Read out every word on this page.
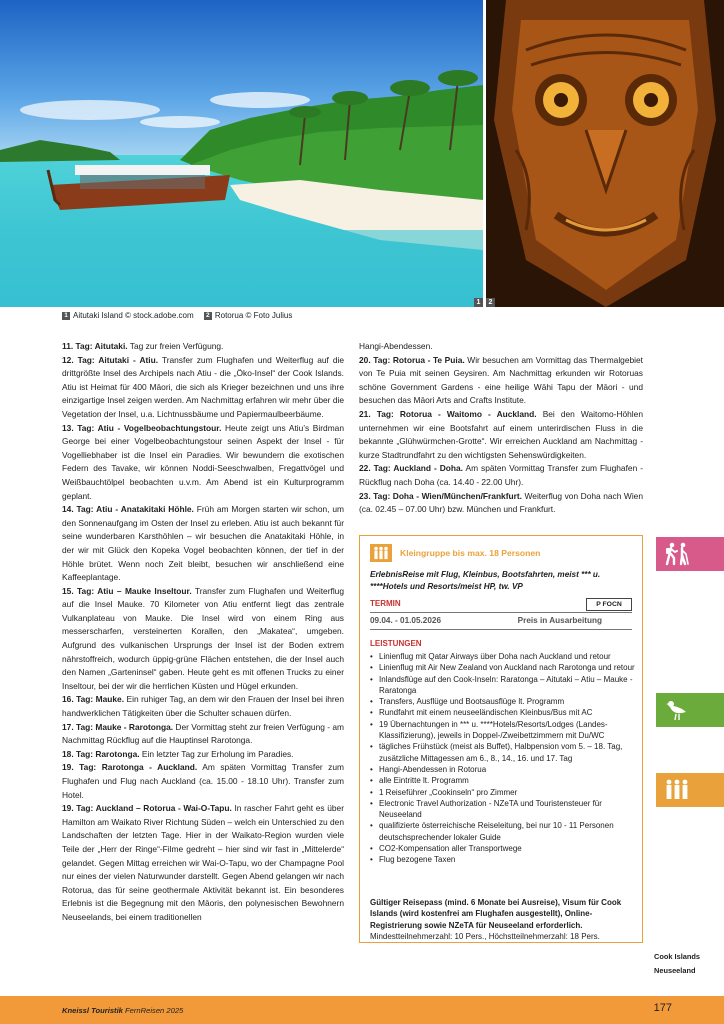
1	2
1 Aitutaki Island © stock.adobe.com 2 Rotorua © Foto Julius

11. Tag: Aitutaki. Tag zur freien Verfügung.

12. Tag: Aitutaki - Atiu. Transfer zum Flughafen und Weiterflug auf die drittgrößte Insel des Archipels nach Atiu - die „Öko-Insel“ der Cook Islands. Atiu ist Heimat für 400 Māori, die sich als Krieger bezeichnen und uns ihre einzigartige Insel zeigen werden. Am Nachmittag erfahren wir mehr über die Vegetation der Insel, u.a. Lichtnussbäume und Papiermaulbeerbäume.

13. Tag: Atiu - Vogelbeobachtungstour. Heute zeigt uns Atiu’s Birdman George bei einer Vogelbeobachtungstour seinen Aspekt der Insel - für Vogelliebhaber ist die Insel ein Paradies. Wir bewundern die exotischen Federn des Tavake, wir können Noddi-Seeschwalben, Fregattvögel und Weißbauchtölpel beobachten u.v.m. Am Abend ist ein Kulturprogramm geplant.

14. Tag: Atiu - Anatakitaki Höhle. Früh am Morgen starten wir schon, um den Sonnenaufgang im Osten der Insel zu erleben. Atiu ist auch bekannt für seine wunderbaren Karsthöhlen – wir besuchen die Anatakitaki Höhle, in der wir mit Glück den Kopeka Vogel beobachten können, der tief in der Höhle brütet. Wenn noch Zeit bleibt, besuchen wir anschließend eine Kaffeeplantage.

15. Tag: Atiu – Mauke Inseltour. Transfer zum Flughafen und Weiterflug auf die Insel Mauke. 70 Kilometer von Atiu entfernt liegt das zentrale Vulkanplateau von Mauke. Die Insel wird von einem Ring aus messerscharfen, versteinerten Korallen, den „Makatea“, umgeben. Aufgrund des vulkanischen Ursprungs der Insel ist der Boden extrem nährstoffreich, wodurch üppig-grüne Flächen entstehen, die der Insel auch den Namen „Garteninsel“ gaben. Heute geht es mit offenen Trucks zu einer Inseltour, bei der wir die herrlichen Küsten und Hügel erkunden.

16. Tag: Mauke. Ein ruhiger Tag, an dem wir den Frauen der Insel bei ihren handwerklichen Tätigkeiten über die Schulter schauen dürfen.

17. Tag: Mauke - Rarotonga. Der Vormittag steht zur freien Verfügung - am Nachmittag Rückflug auf die Hauptinsel Rarotonga.

18. Tag: Rarotonga. Ein letzter Tag zur Erholung im Paradies.

19. Tag: Rarotonga - Auckland. Am späten Vormittag Transfer zum Flughafen und Flug nach Auckland (ca. 15.00 - 18.10 Uhr). Transfer zum Hotel.

19. Tag: Auckland – Rotorua - Wai-O-Tapu. In rascher Fahrt geht es über Hamilton am Waikato River Richtung Süden – welch ein Unterschied zu den Landschaften der letzten Tage. Hier in der Waikato-Region wurden viele Teile der „Herr der Ringe“-Filme gedreht – hier sind wir fast in „Mittelerde“ gelandet. Gegen Mittag erreichen wir Wai-O-Tapu, wo der Champagne Pool nur eines der vielen Naturwunder darstellt. Gegen Abend gelangen wir nach Rotorua, das für seine geothermale Aktivität bekannt ist. Ein besonderes Erlebnis ist die Begegnung mit den Māoris, den polynesischen Bewohnern Neuseelands, bei einem traditionellen

Hangi-Abendessen.

20. Tag: Rotorua - Te Puia. Wir besuchen am Vormittag das Thermalgebiet von Te Puia mit seinen Geysiren. Am Nachmittag erkunden wir Rotoruas schöne Government Gardens - eine heilige Wāhi Tapu der Māori - und besuchen das Māori Arts and Crafts Institute.

21. Tag: Rotorua - Waitomo - Auckland. Bei den Waitomo-Höhlen unternehmen wir eine Bootsfahrt auf einem unterirdischen Fluss in die bekannte „Glühwürmchen-Grotte“. Wir erreichen Auckland am Nachmittag - kurze Stadtrundfahrt zu den wichtigsten Sehenswürdigkeiten.

22. Tag: Auckland - Doha. Am späten Vormittag Transfer zum Flughafen - Rückflug nach Doha (ca. 14.40 - 22.00 Uhr).

23. Tag: Doha - Wien/München/Frankfurt. Weiterflug von Doha nach Wien (ca. 02.45 – 07.00 Uhr) bzw. München und Frankfurt.

Kleingruppe bis max. 18 Personen
ErlebnisReise mit Flug, Kleinbus, Bootsfahrten, meist *** u. ****Hotels und Resorts/meist HP, tw. VP
TERMIN	P FOCN
09.04. - 01.05.2026	Preis in Ausarbeitung
LEISTUNGEN
• Linienflug mit Qatar Airways über Doha nach Auckland und retour
• Linienflug mit Air New Zealand von Auckland nach Rarotonga und retour
• Inlandsflüge auf den Cook-Inseln: Raratonga – Aitutaki – Atiu – Mauke - Raratonga
• Transfers, Ausflüge und Bootsausflüge lt. Programm
• Rundfahrt mit einem neuseeländischen Kleinbus/Bus mit AC
• 19 Übernachtungen in *** u. ****Hotels/Resorts/Lodges (Landes-Klassifizierung), jeweils in Doppel-/Zweibettzimmern mit Du/WC
• tägliches Frühstück (meist als Buffet), Halbpension vom 5. – 18. Tag, zusätzliche Mittagessen am 6., 8., 14., 16. und 17. Tag
• Hangi-Abendessen in Rotorua
• alle Eintritte lt. Programm
• 1 Reiseführer „Cookinseln“ pro Zimmer
• Electronic Travel Authorization - NZeTA und Touristensteuer für Neuseeland
• qualifizierte österreichische Reiseleitung, bei nur 10 - 11 Personen deutschsprechender lokaler Guide
• CO2-Kompensation aller Transportwege
• Flug bezogene Taxen
Gültiger Reisepass (mind. 6 Monate bei Ausreise), Visum für Cook Islands (wird kostenfrei am Flughafen ausgestellt), Online-Registrierung sowie NZeTA für Neuseeland erforderlich.
Mindestteilnehmerzahl: 10 Pers., Höchstteilnehmerzahl: 18 Pers.
Cook Islands
Neuseeland
Kneissl Touristik FernReisen 2025	177
